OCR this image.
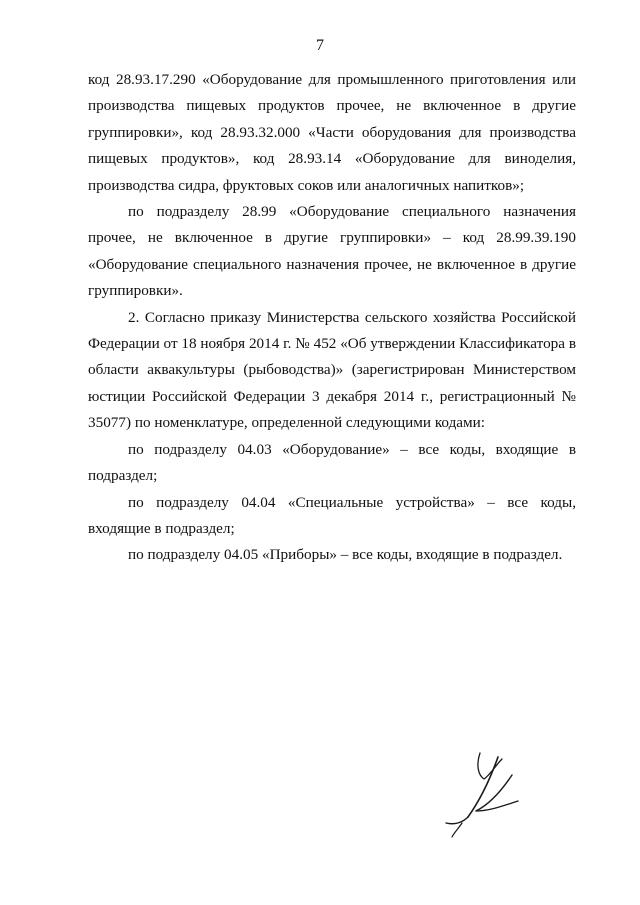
7

код 28.93.17.290 «Оборудование для промышленного приготовления или производства пищевых продуктов прочее, не включенное в другие группировки», код 28.93.32.000 «Части оборудования для производства пищевых продуктов», код 28.93.14 «Оборудование для виноделия, производства сидра, фруктовых соков или аналогичных напитков»;

по подразделу 28.99 «Оборудование специального назначения прочее, не включенное в другие группировки» – код 28.99.39.190 «Оборудование специального назначения прочее, не включенное в другие группировки».

2. Согласно приказу Министерства сельского хозяйства Российской Федерации от 18 ноября 2014 г. № 452 «Об утверждении Классификатора в области аквакультуры (рыбоводства)» (зарегистрирован Министерством юстиции Российской Федерации 3 декабря 2014 г., регистрационный № 35077) по номенклатуре, определенной следующими кодами:

по подразделу 04.03 «Оборудование» – все коды, входящие в подраздел;

по подразделу 04.04 «Специальные устройства» – все коды, входящие в подраздел;

по подразделу 04.05 «Приборы» – все коды, входящие в подраздел.
